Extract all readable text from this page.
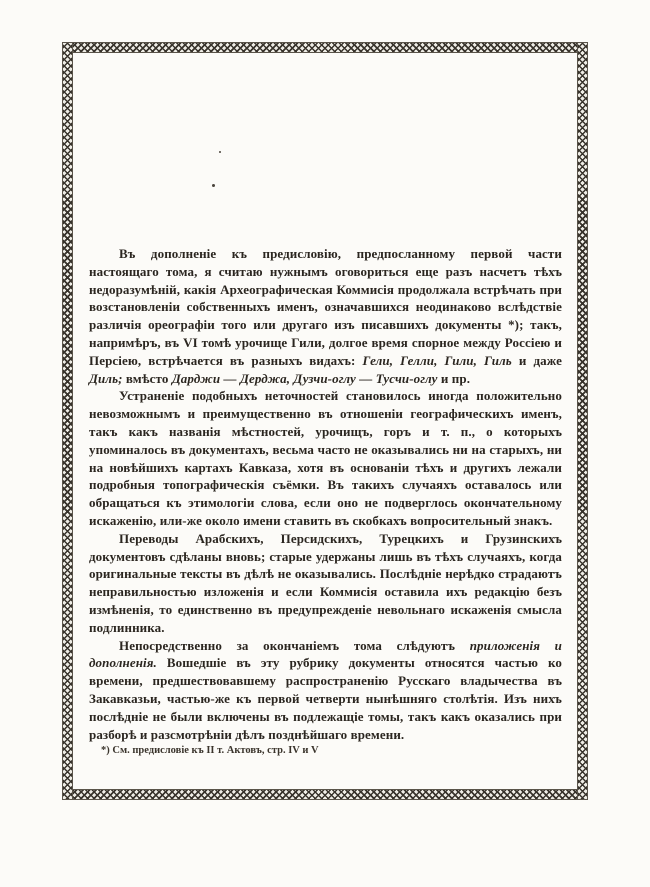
Въ дополненіе къ предисловію, предпосланному первой части настоящаго тома, я считаю нужнымъ оговориться еще разъ насчетъ тѣхъ недоразумѣній, какія Археографическая Коммисія продолжала встрѣчать при возстановленіи собственныхъ именъ, означавшихся неодинаково вслѣдствіе различія ореографіи того или другаго изъ писавшихъ документы *); такъ, напримѣръ, въ VI томѣ урочище Гили, долгое время спорное между Россіею и Персіею, встрѣчается въ разныхъ видахъ: Гели, Гелли, Гили, Гиль и даже Диль; вмѣсто Дарджи — Дерджа, Дузчи-оглу — Тусчи-оглу и пр.

Устраненіе подобныхъ неточностей становилось иногда положительно невозможнымъ и преимущественно въ отношеніи географическихъ именъ, такъ какъ названія мѣстностей, урочищъ, горъ и т. п., о которыхъ упоминалось въ документахъ, весьма часто не оказывались ни на старыхъ, ни на новѣйшихъ картахъ Кавказа, хотя въ основаніи тѣхъ и другихъ лежали подробныя топографическія съёмки. Въ такихъ случаяхъ оставалось или обращаться къ этимологіи слова, если оно не подверглось окончательному искаженію, или-же около имени ставить въ скобкахъ вопросительный знакъ.

Переводы Арабскихъ, Персидскихъ, Турецкихъ и Грузинскихъ документовъ сдѣланы вновь; старые удержаны лишь въ тѣхъ случаяхъ, когда оригинальные тексты въ дѣлѣ не оказывались. Послѣдніе нерѣдко страдаютъ неправильностью изложенія и если Коммисія оставила ихъ редакцію безъ измѣненія, то единственно въ предупрежденіе невольнаго искаженія смысла подлинника.

Непосредственно за окончаніемъ тома слѣдуютъ приложенія и дополненія. Вошедшіе въ эту рубрику документы относятся частью ко времени, предшествовавшему распространенію Русскаго владычества въ Закавказьи, частью-же къ первой четверти нынѣшняго столѣтія. Изъ нихъ послѣдніе не были включены въ подлежащіе томы, такъ какъ оказались при разборѣ и разсмотрѣніи дѣлъ позднѣйшаго времени.

*) См. предисловіе къ II т. Актовъ, стр. IV и V
